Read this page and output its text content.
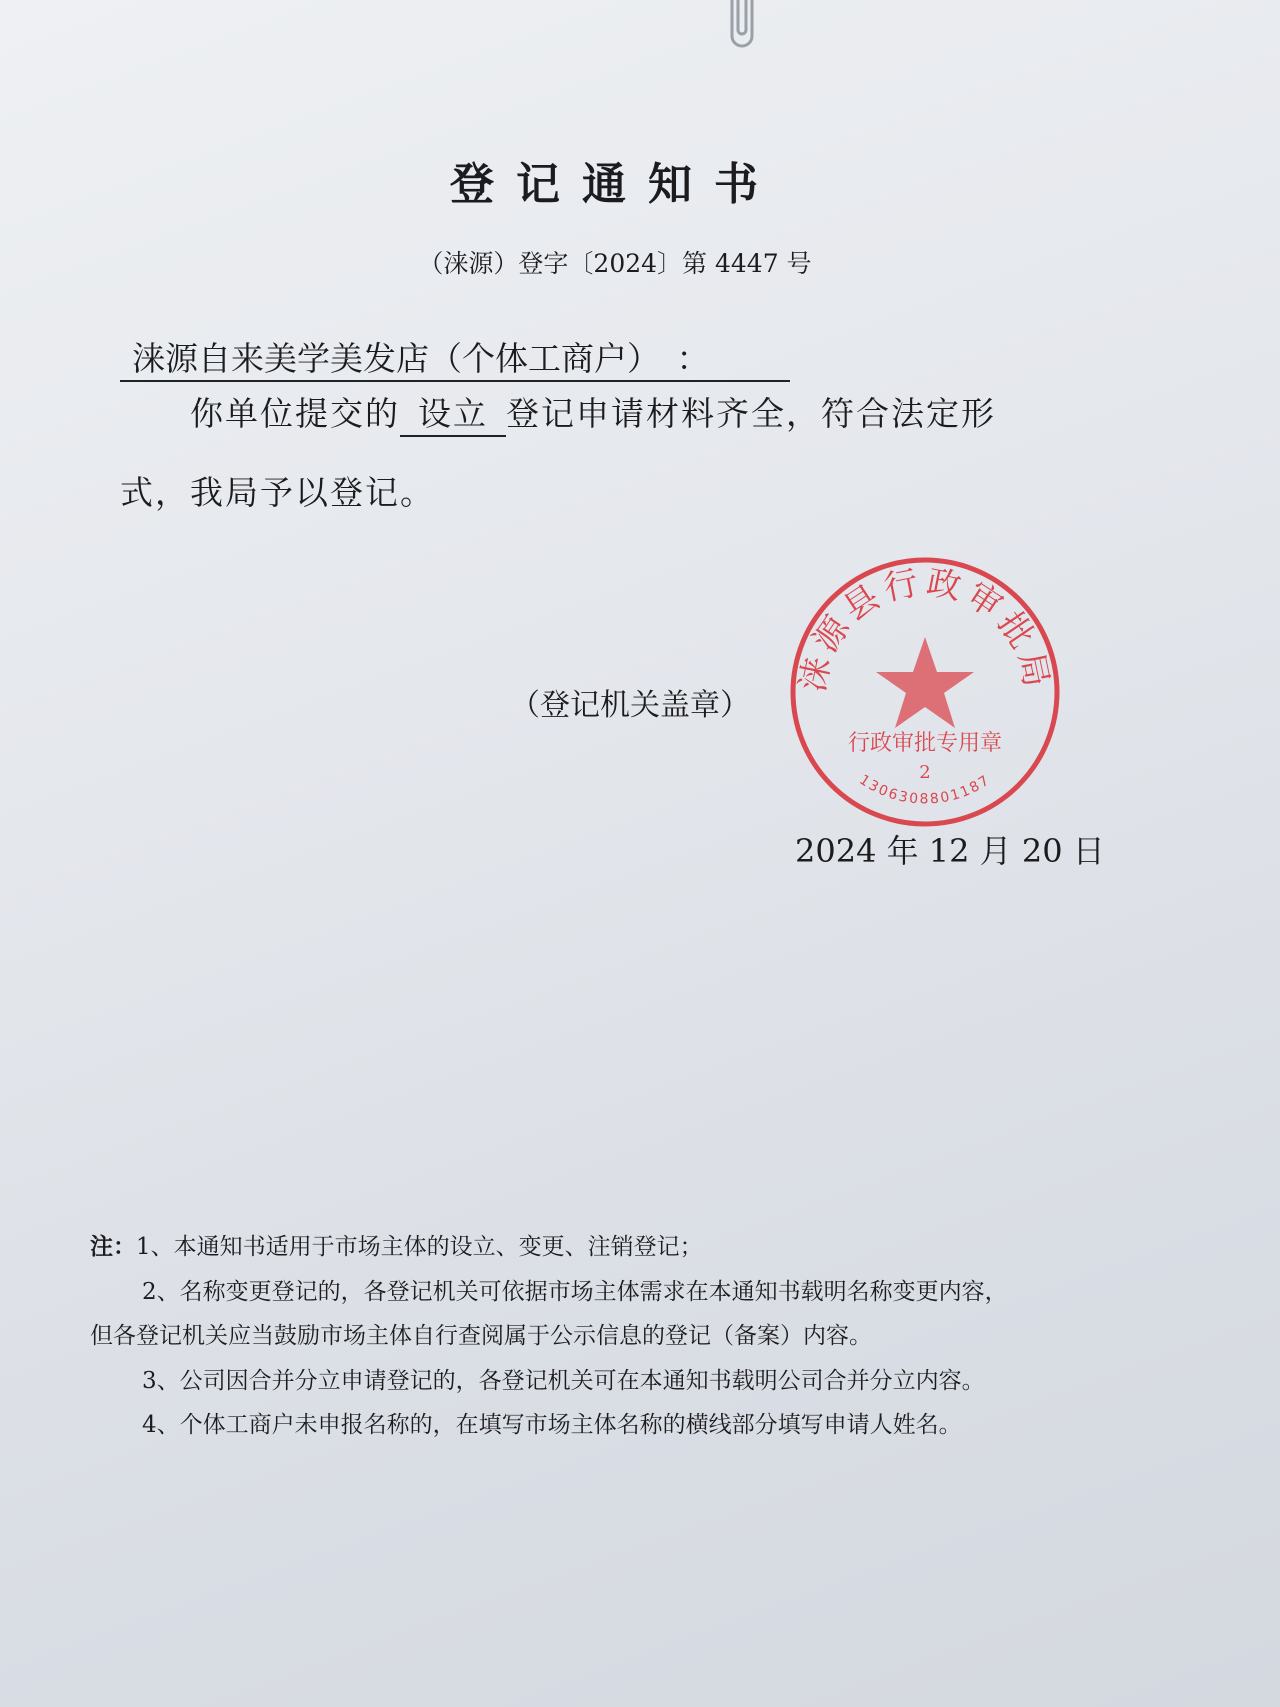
登记通知书
（涞源）登字〔2024〕第 4447 号
涞源自来美学美发店（个体工商户）　：
你单位提交的 设立 登记申请材料齐全，符合法定形
式，我局予以登记。
涞源县行政审批局
行政审批专用章
2
1306308801187
（登记机关盖章）
2024 年 12 月 20 日

注：1、本通知书适用于市场主体的设立、变更、注销登记；

2、名称变更登记的，各登记机关可依据市场主体需求在本通知书载明名称变更内容，

但各登记机关应当鼓励市场主体自行查阅属于公示信息的登记（备案）内容。

3、公司因合并分立申请登记的，各登记机关可在本通知书载明公司合并分立内容。

4、个体工商户未申报名称的，在填写市场主体名称的横线部分填写申请人姓名。
